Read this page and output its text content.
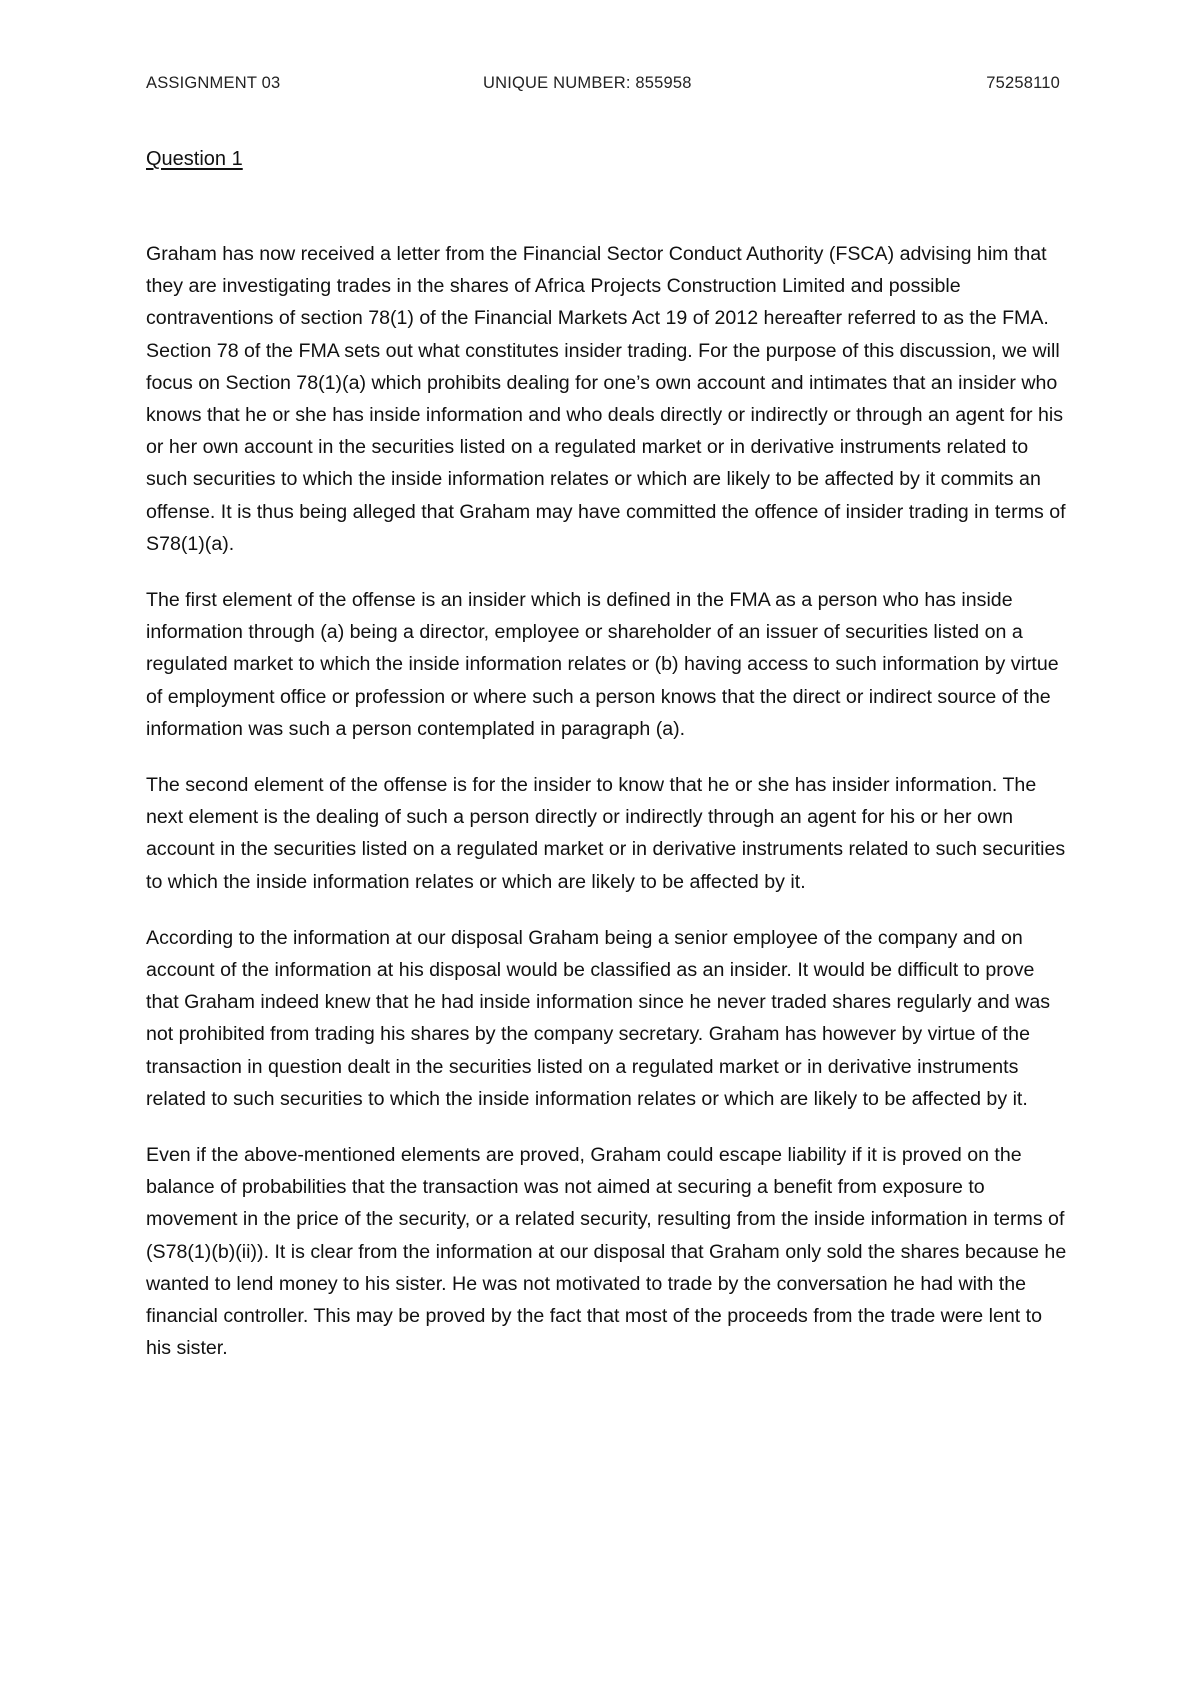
ASSIGNMENT 03	UNIQUE NUMBER: 855958	75258110
Question 1

Graham has now received a letter from the Financial Sector Conduct Authority (FSCA) advising him that they are investigating trades in the shares of Africa Projects Construction Limited and possible contraventions of section 78(1) of the Financial Markets Act 19 of 2012 hereafter referred to as the FMA. Section 78 of the FMA sets out what constitutes insider trading. For the purpose of this discussion, we will focus on Section 78(1)(a) which prohibits dealing for one’s own account and intimates that an insider who knows that he or she has inside information and who deals directly or indirectly or through an agent for his or her own account in the securities listed on a regulated market or in derivative instruments related to such securities to which the inside information relates or which are likely to be affected by it commits an offense. It is thus being alleged that Graham may have committed the offence of insider trading in terms of S78(1)(a).

The first element of the offense is an insider which is defined in the FMA as a person who has inside information through (a) being a director, employee or shareholder of an issuer of securities listed on a regulated market to which the inside information relates or (b) having access to such information by virtue of employment office or profession or where such a person knows that the direct or indirect source of the information was such a person contemplated in paragraph (a).

The second element of the offense is for the insider to know that he or she has insider information. The next element is the dealing of such a person directly or indirectly through an agent for his or her own account in the securities listed on a regulated market or in derivative instruments related to such securities to which the inside information relates or which are likely to be affected by it.

According to the information at our disposal Graham being a senior employee of the company and on account of the information at his disposal would be classified as an insider. It would be difficult to prove that Graham indeed knew that he had inside information since he never traded shares regularly and was not prohibited from trading his shares by the company secretary. Graham has however by virtue of the transaction in question dealt in the securities listed on a regulated market or in derivative instruments related to such securities to which the inside information relates or which are likely to be affected by it.

Even if the above-mentioned elements are proved, Graham could escape liability if it is proved on the balance of probabilities that the transaction was not aimed at securing a benefit from exposure to movement in the price of the security, or a related security, resulting from the inside information in terms of (S78(1)(b)(ii)). It is clear from the information at our disposal that Graham only sold the shares because he wanted to lend money to his sister. He was not motivated to trade by the conversation he had with the financial controller. This may be proved by the fact that most of the proceeds from the trade were lent to his sister.
